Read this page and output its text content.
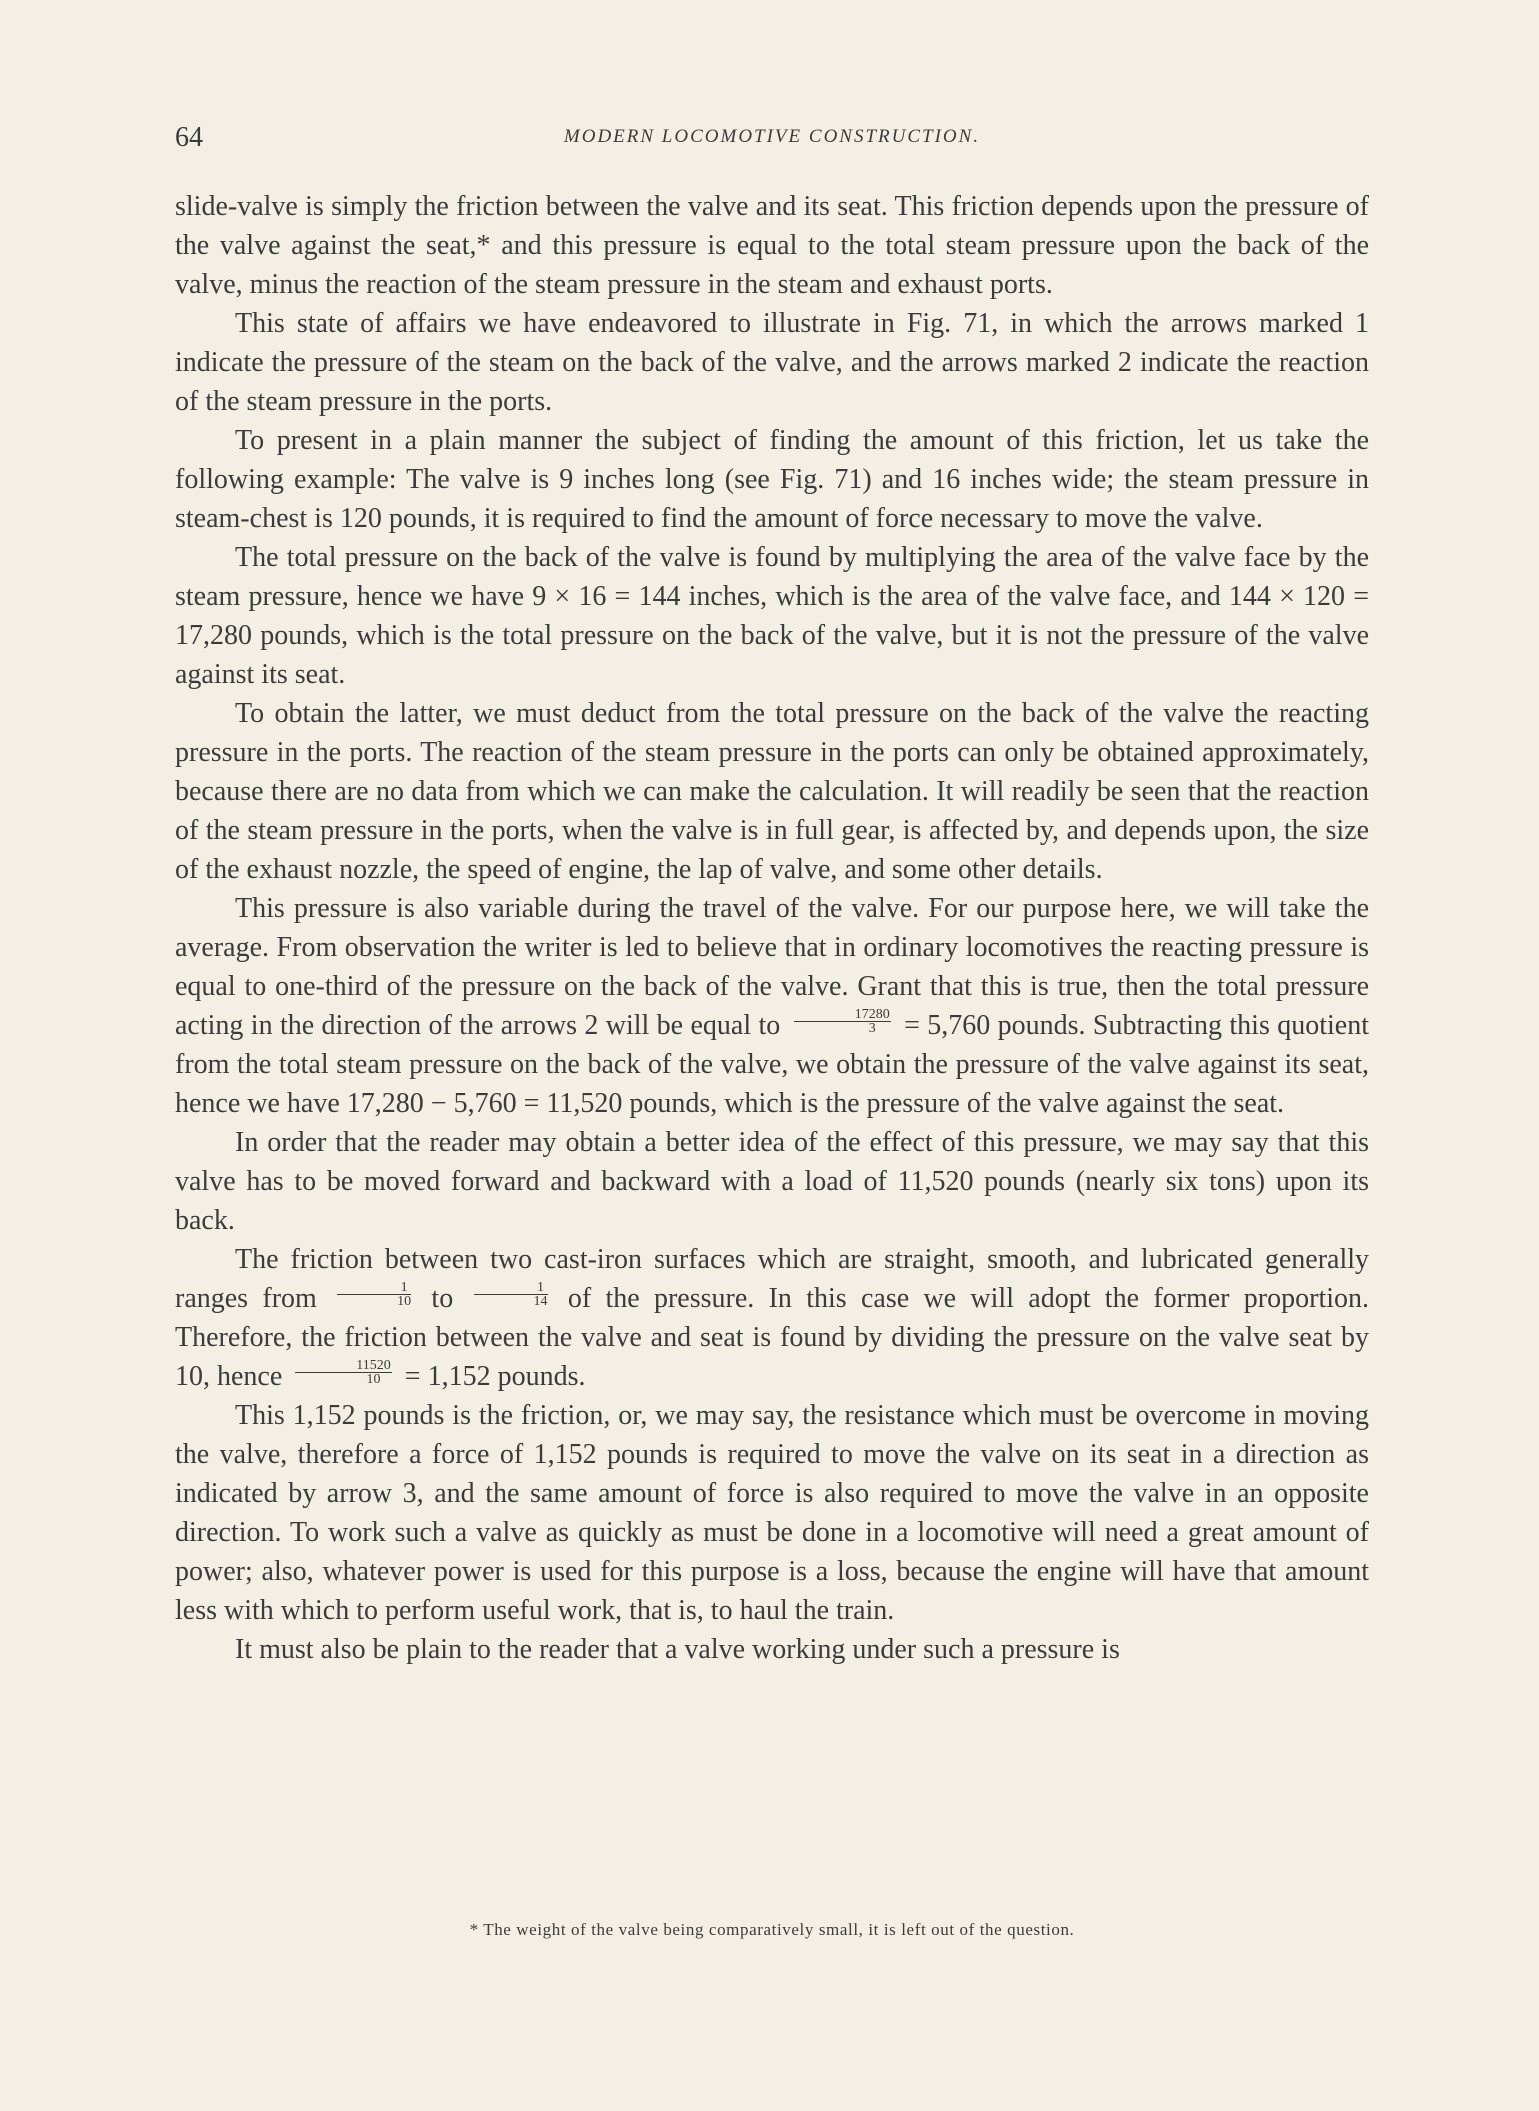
64	MODERN LOCOMOTIVE CONSTRUCTION.

slide-valve is simply the friction between the valve and its seat. This friction depends upon the pressure of the valve against the seat,* and this pressure is equal to the total steam pressure upon the back of the valve, minus the reaction of the steam pressure in the steam and exhaust ports.

This state of affairs we have endeavored to illustrate in Fig. 71, in which the arrows marked 1 indicate the pressure of the steam on the back of the valve, and the arrows marked 2 indicate the reaction of the steam pressure in the ports.

To present in a plain manner the subject of finding the amount of this friction, let us take the following example: The valve is 9 inches long (see Fig. 71) and 16 inches wide; the steam pressure in steam-chest is 120 pounds, it is required to find the amount of force necessary to move the valve.

The total pressure on the back of the valve is found by multiplying the area of the valve face by the steam pressure, hence we have 9 × 16 = 144 inches, which is the area of the valve face, and 144 × 120 = 17,280 pounds, which is the total pressure on the back of the valve, but it is not the pressure of the valve against its seat.

To obtain the latter, we must deduct from the total pressure on the back of the valve the reacting pressure in the ports. The reaction of the steam pressure in the ports can only be obtained approximately, because there are no data from which we can make the calculation. It will readily be seen that the reaction of the steam pressure in the ports, when the valve is in full gear, is affected by, and depends upon, the size of the exhaust nozzle, the speed of engine, the lap of valve, and some other details.

This pressure is also variable during the travel of the valve. For our purpose here, we will take the average. From observation the writer is led to believe that in ordinary locomotives the reacting pressure is equal to one-third of the pressure on the back of the valve. Grant that this is true, then the total pressure acting in the direction of the arrows 2 will be equal to $\frac{17280}{3} = 5,760$ pounds. Subtracting this quotient from the total steam pressure on the back of the valve, we obtain the pressure of the valve against its seat, hence we have 17,280 − 5,760 = 11,520 pounds, which is the pressure of the valve against the seat.

In order that the reader may obtain a better idea of the effect of this pressure, we may say that this valve has to be moved forward and backward with a load of 11,520 pounds (nearly six tons) upon its back.

The friction between two cast-iron surfaces which are straight, smooth, and lubricated generally ranges from $\frac{1}{10}$ to $\frac{1}{14}$ of the pressure. In this case we will adopt the former proportion. Therefore, the friction between the valve and seat is found by dividing the pressure on the valve seat by 10, hence $\frac{11520}{10} = 1,152$ pounds.

This 1,152 pounds is the friction, or, we may say, the resistance which must be overcome in moving the valve, therefore a force of 1,152 pounds is required to move the valve on its seat in a direction as indicated by arrow 3, and the same amount of force is also required to move the valve in an opposite direction. To work such a valve as quickly as must be done in a locomotive will need a great amount of power; also, whatever power is used for this purpose is a loss, because the engine will have that amount less with which to perform useful work, that is, to haul the train.

It must also be plain to the reader that a valve working under such a pressure is

* The weight of the valve being comparatively small, it is left out of the question.
